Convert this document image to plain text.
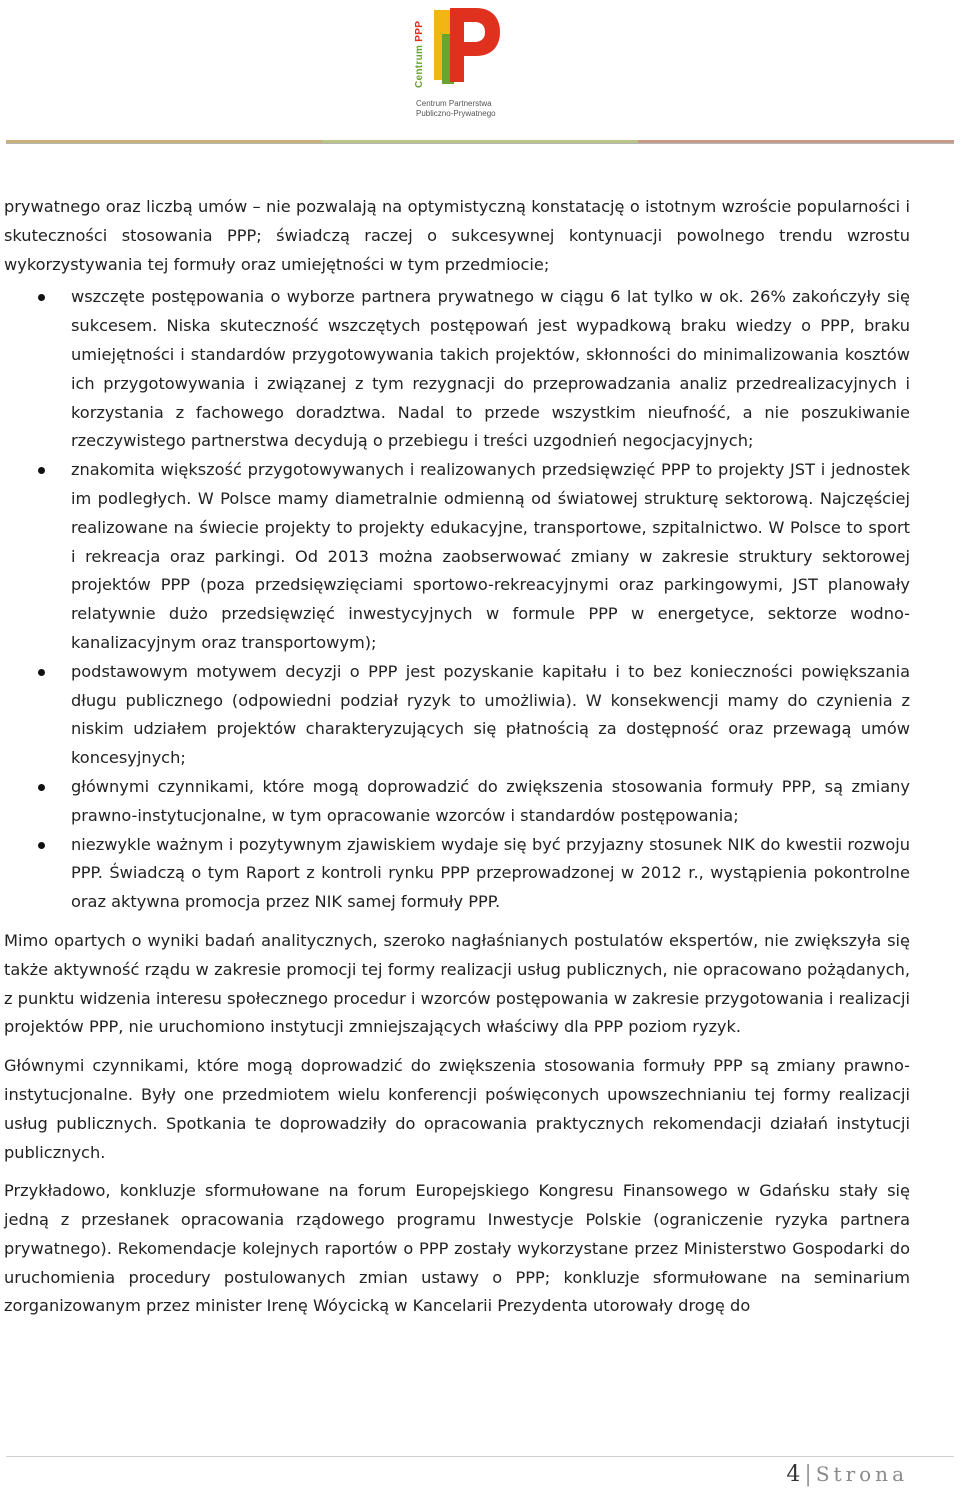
Centrum PPP
Centrum Partnerstwa
Publiczno-Prywatnego

prywatnego oraz liczbą umów – nie pozwalają na optymistyczną konstatację o istotnym wzroście popularności i skuteczności stosowania PPP; świadczą raczej o sukcesywnej kontynuacji powolnego trendu wzrostu wykorzystywania tej formuły oraz umiejętności w tym przedmiocie;

wszczęte postępowania o wyborze partnera prywatnego w ciągu 6 lat tylko w ok. 26% zakończyły się sukcesem. Niska skuteczność wszczętych postępowań jest wypadkową braku wiedzy o PPP, braku umiejętności i standardów przygotowywania takich projektów, skłonności do minimalizowania kosztów ich przygotowywania i związanej z tym rezygnacji do przeprowadzania analiz przedrealizacyjnych i korzystania z fachowego doradztwa. Nadal to przede wszystkim nieufność, a nie poszukiwanie rzeczywistego partnerstwa decydują o przebiegu i treści uzgodnień negocjacyjnych;
znakomita większość przygotowywanych i realizowanych przedsięwzięć PPP to projekty JST i jednostek im podległych. W Polsce mamy diametralnie odmienną od światowej strukturę sektorową. Najczęściej realizowane na świecie projekty to projekty edukacyjne, transportowe, szpitalnictwo. W Polsce to sport i rekreacja oraz parkingi. Od 2013 można zaobserwować zmiany w zakresie struktury sektorowej projektów PPP (poza przedsięwzięciami sportowo-rekreacyjnymi oraz parkingowymi, JST planowały relatywnie dużo przedsięwzięć inwestycyjnych w formule PPP w energetyce, sektorze wodno-kanalizacyjnym oraz transportowym);
podstawowym motywem decyzji o PPP jest pozyskanie kapitału i to bez konieczności powiększania długu publicznego (odpowiedni podział ryzyk to umożliwia). W konsekwencji mamy do czynienia z niskim udziałem projektów charakteryzujących się płatnością za dostępność oraz przewagą umów koncesyjnych;
głównymi czynnikami, które mogą doprowadzić do zwiększenia stosowania formuły PPP, są zmiany prawno-instytucjonalne, w tym opracowanie wzorców i standardów postępowania;
niezwykle ważnym i pozytywnym zjawiskiem wydaje się być przyjazny stosunek NIK do kwestii rozwoju PPP. Świadczą o tym Raport z kontroli rynku PPP przeprowadzonej w 2012 r., wystąpienia pokontrolne oraz aktywna promocja przez NIK samej formuły PPP.

Mimo opartych o wyniki badań analitycznych, szeroko nagłaśnianych postulatów ekspertów, nie zwiększyła się także aktywność rządu w zakresie promocji tej formy realizacji usług publicznych, nie opracowano pożądanych, z punktu widzenia interesu społecznego procedur i wzorców postępowania w zakresie przygotowania i realizacji projektów PPP, nie uruchomiono instytucji zmniejszających właściwy dla PPP poziom ryzyk.

Głównymi czynnikami, które mogą doprowadzić do zwiększenia stosowania formuły PPP są zmiany prawno-instytucjonalne. Były one przedmiotem wielu konferencji poświęconych upowszechnianiu tej formy realizacji usług publicznych. Spotkania te doprowadziły do opracowania praktycznych rekomendacji działań instytucji publicznych.

Przykładowo, konkluzje sformułowane na forum Europejskiego Kongresu Finansowego w Gdańsku stały się jedną z przesłanek opracowania rządowego programu Inwestycje Polskie (ograniczenie ryzyka partnera prywatnego). Rekomendacje kolejnych raportów o PPP zostały wykorzystane przez Ministerstwo Gospodarki do uruchomienia procedury postulowanych zmian ustawy o PPP; konkluzje sformułowane na seminarium zorganizowanym przez minister Irenę Wóycicką w Kancelarii Prezydenta utorowały drogę do

4 | Strona
